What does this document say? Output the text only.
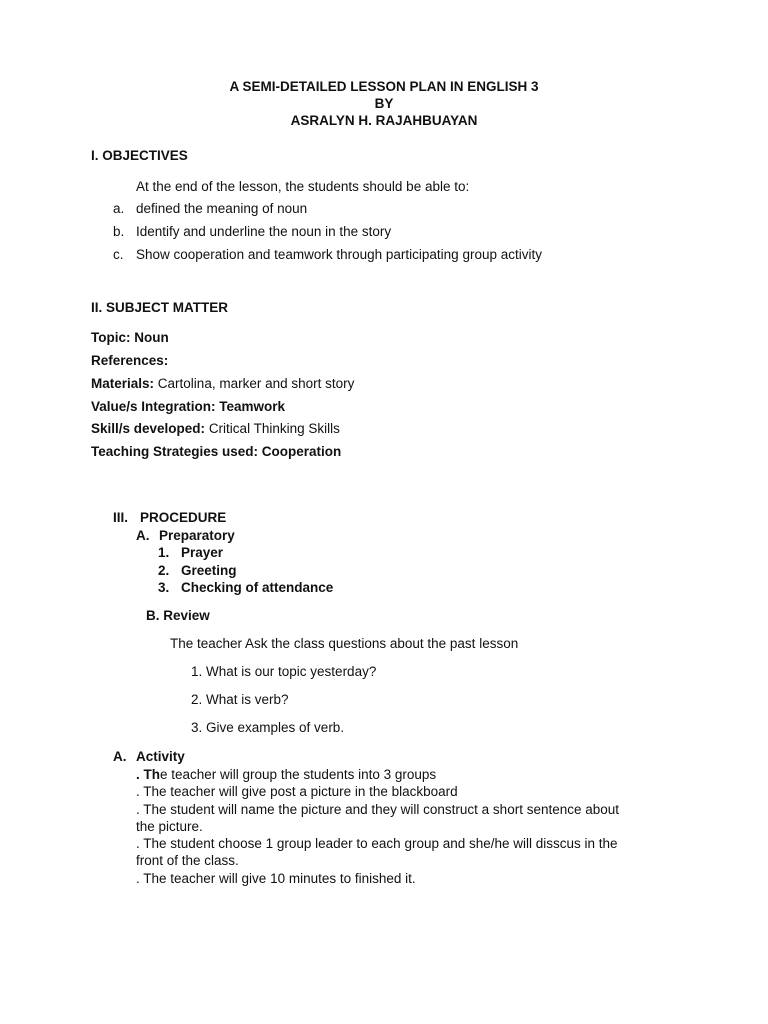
A SEMI-DETAILED LESSON PLAN IN ENGLISH 3
BY
ASRALYN H. RAJAHBUAYAN
I. OBJECTIVES
At the end of the lesson, the students should be able to:
a. defined the meaning of noun
b. Identify and underline the noun in the story
c. Show cooperation and teamwork through participating group activity
II. SUBJECT MATTER
Topic: Noun
References:
Materials: Cartolina, marker and short story
Value/s Integration: Teamwork
Skill/s developed: Critical Thinking Skills
Teaching Strategies used: Cooperation
III. PROCEDURE
A. Preparatory
1. Prayer
2. Greeting
3. Checking of attendance
B. Review
The teacher Ask the class questions about the past lesson
1. What is our topic yesterday?
2. What is verb?
3. Give examples of verb.
A. Activity
. The teacher will group the students into 3 groups
. The teacher will give post a picture in the blackboard
. The student will name the picture and they will construct a short sentence about
the picture.
. The student choose 1 group leader to each group and she/he will disscus in the
front of the class.
. The teacher will give 10 minutes to finished it.
